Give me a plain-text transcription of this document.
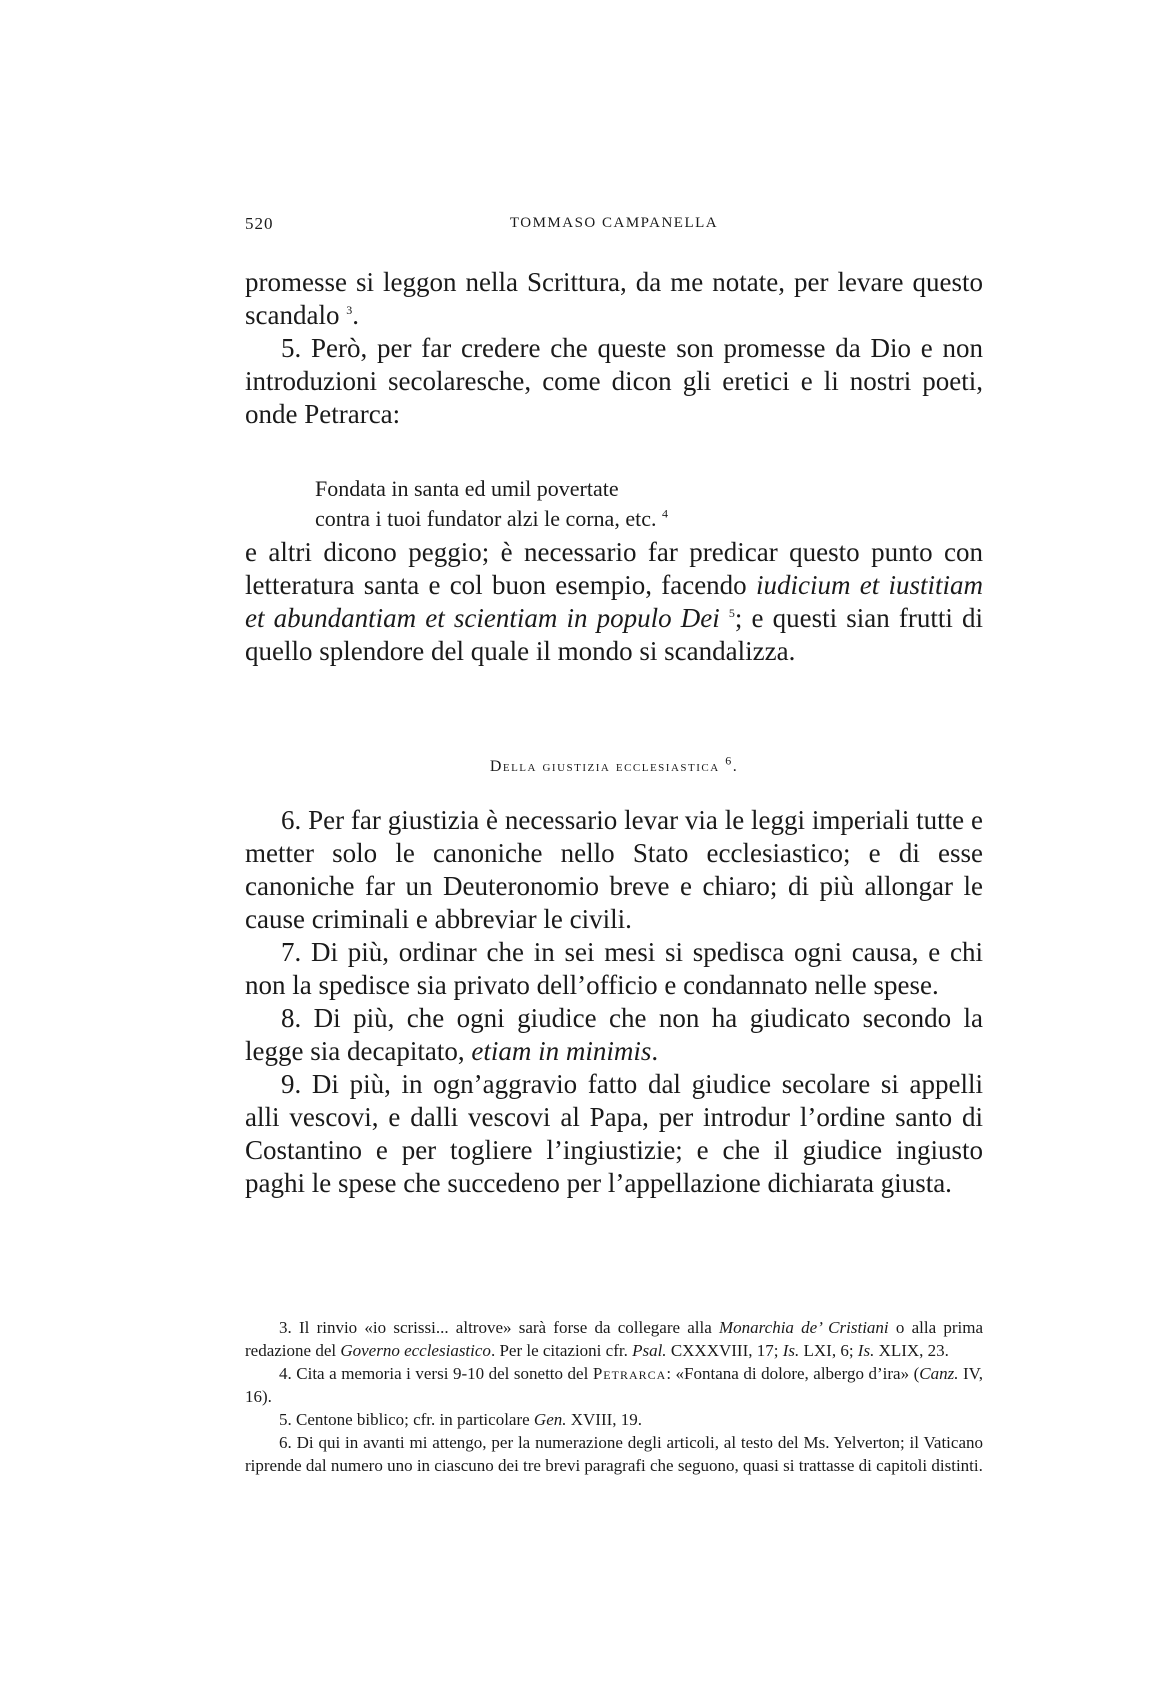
520	TOMMASO CAMPANELLA

promesse si leggon nella Scrittura, da me notate, per levare questo scandalo $^3$.

5. Però, per far credere che queste son promesse da Dio e non introduzioni secolaresche, come dicon gli eretici e li nostri poeti, onde Petrarca:

Fondata in santa ed umil povertate
contra i tuoi fundator alzi le corna, etc. $^4$

e altri dicono peggio; è necessario far predicar questo punto con letteratura santa e col buon esempio, facendo iudicium et iustitiam et abundantiam et scientiam in populo Dei $^5$; e questi sian frutti di quello splendore del quale il mondo si scandalizza.

Della giustizia ecclesiastica $^6$.

6. Per far giustizia è necessario levar via le leggi imperiali tutte e metter solo le canoniche nello Stato ecclesiastico; e di esse canoniche far un Deuteronomio breve e chiaro; di più allongar le cause criminali e abbreviar le civili.

7. Di più, ordinar che in sei mesi si spedisca ogni causa, e chi non la spedisce sia privato dell’officio e condannato nelle spese.

8. Di più, che ogni giudice che non ha giudicato secondo la legge sia decapitato, etiam in minimis.

9. Di più, in ogn’aggravio fatto dal giudice secolare si appelli alli vescovi, e dalli vescovi al Papa, per introdur l’ordine santo di Costantino e per togliere l’ingiustizie; e che il giudice ingiusto paghi le spese che succedeno per l’appellazione dichiarata giusta.

3. Il rinvio «io scrissi... altrove» sarà forse da collegare alla Monarchia de’ Cristiani o alla prima redazione del Governo ecclesiastico. Per le citazioni cfr. Psal. CXXXVIII, 17; Is. LXI, 6; Is. XLIX, 23.

4. Cita a memoria i versi 9-10 del sonetto del Petrarca: «Fontana di dolore, albergo d’ira» (Canz. IV, 16).

5. Centone biblico; cfr. in particolare Gen. XVIII, 19.

6. Di qui in avanti mi attengo, per la numerazione degli articoli, al testo del Ms. Yelverton; il Vaticano riprende dal numero uno in ciascuno dei tre brevi paragrafi che seguono, quasi si trattasse di capitoli distinti.
